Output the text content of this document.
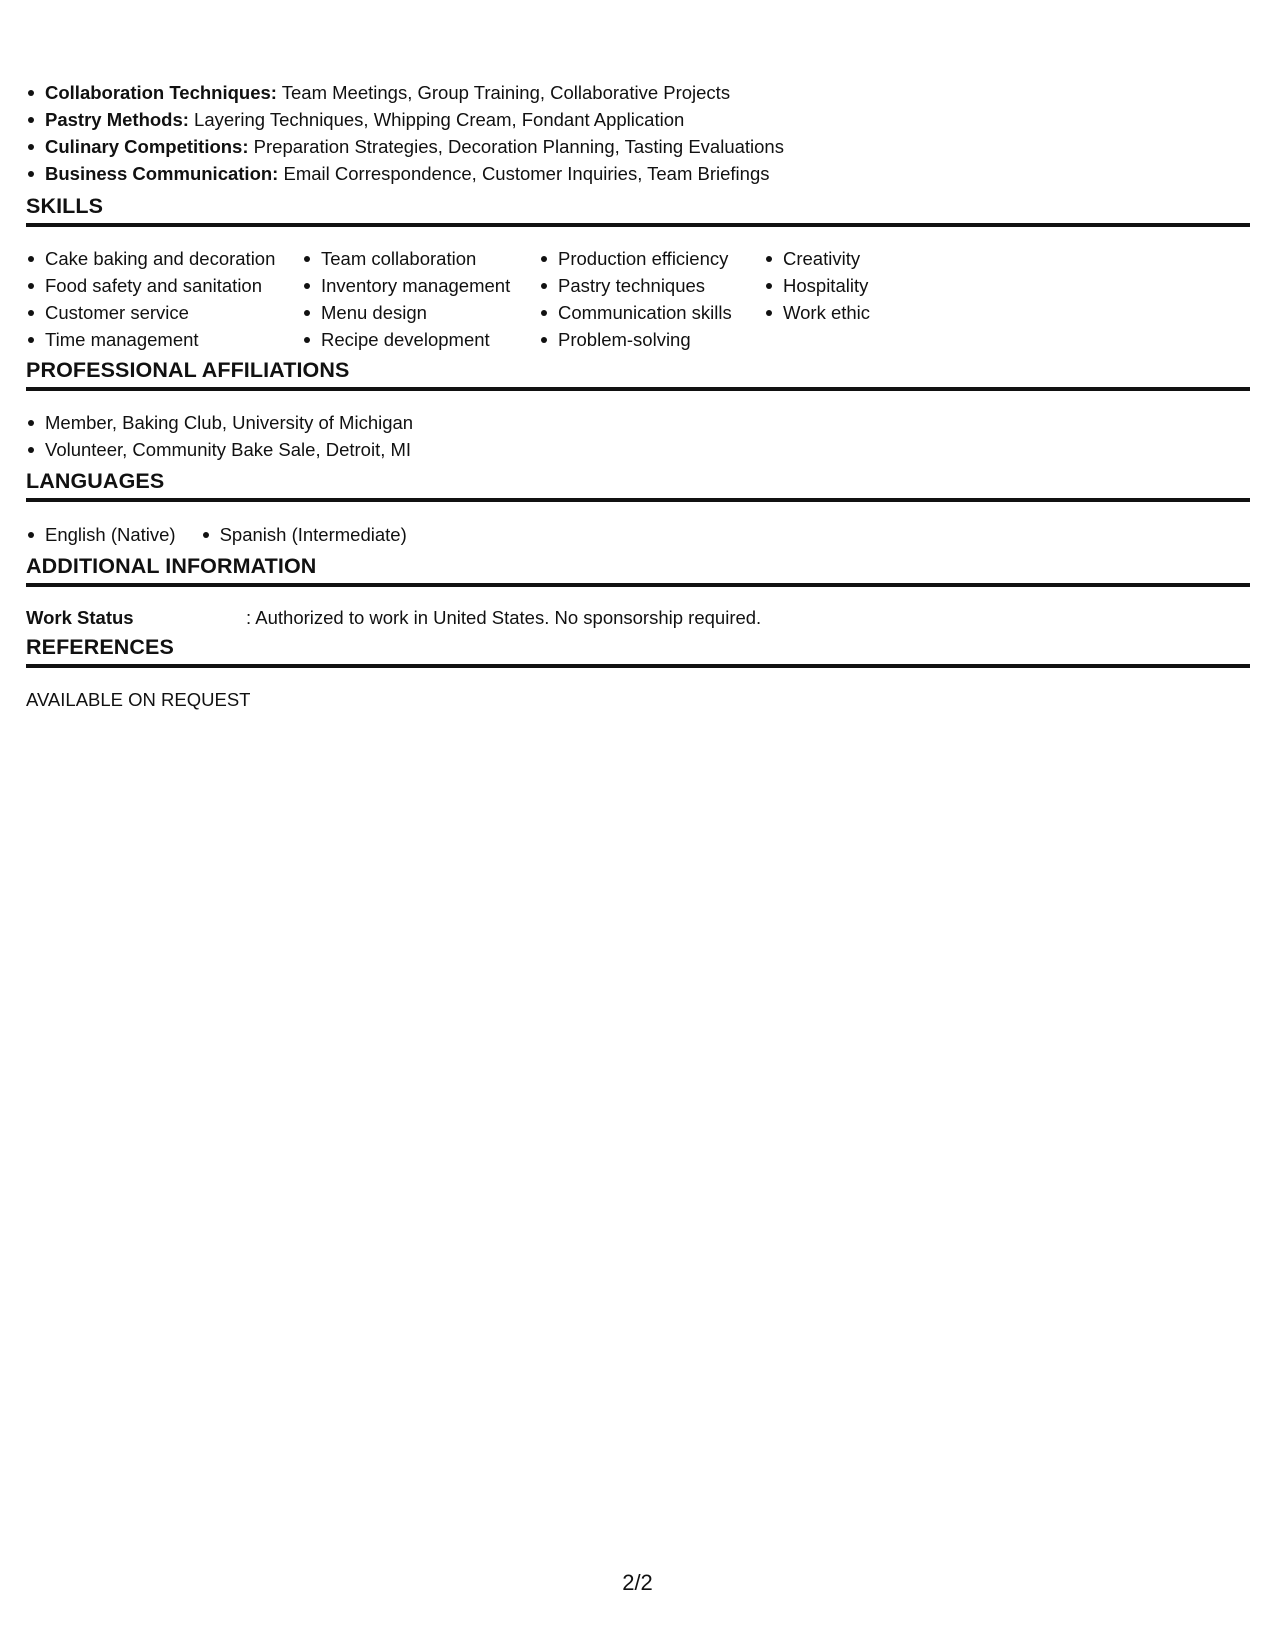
Collaboration Techniques: Team Meetings, Group Training, Collaborative Projects
Pastry Methods: Layering Techniques, Whipping Cream, Fondant Application
Culinary Competitions: Preparation Strategies, Decoration Planning, Tasting Evaluations
Business Communication: Email Correspondence, Customer Inquiries, Team Briefings
SKILLS
Cake baking and decoration
Food safety and sanitation
Customer service
Time management
Team collaboration
Inventory management
Menu design
Recipe development
Production efficiency
Pastry techniques
Communication skills
Problem-solving
Creativity
Hospitality
Work ethic
PROFESSIONAL AFFILIATIONS
Member, Baking Club, University of Michigan
Volunteer, Community Bake Sale, Detroit, MI
LANGUAGES
English (Native)	Spanish (Intermediate)
ADDITIONAL INFORMATION
Work Status	: Authorized to work in United States. No sponsorship required.
REFERENCES
AVAILABLE ON REQUEST
2/2
